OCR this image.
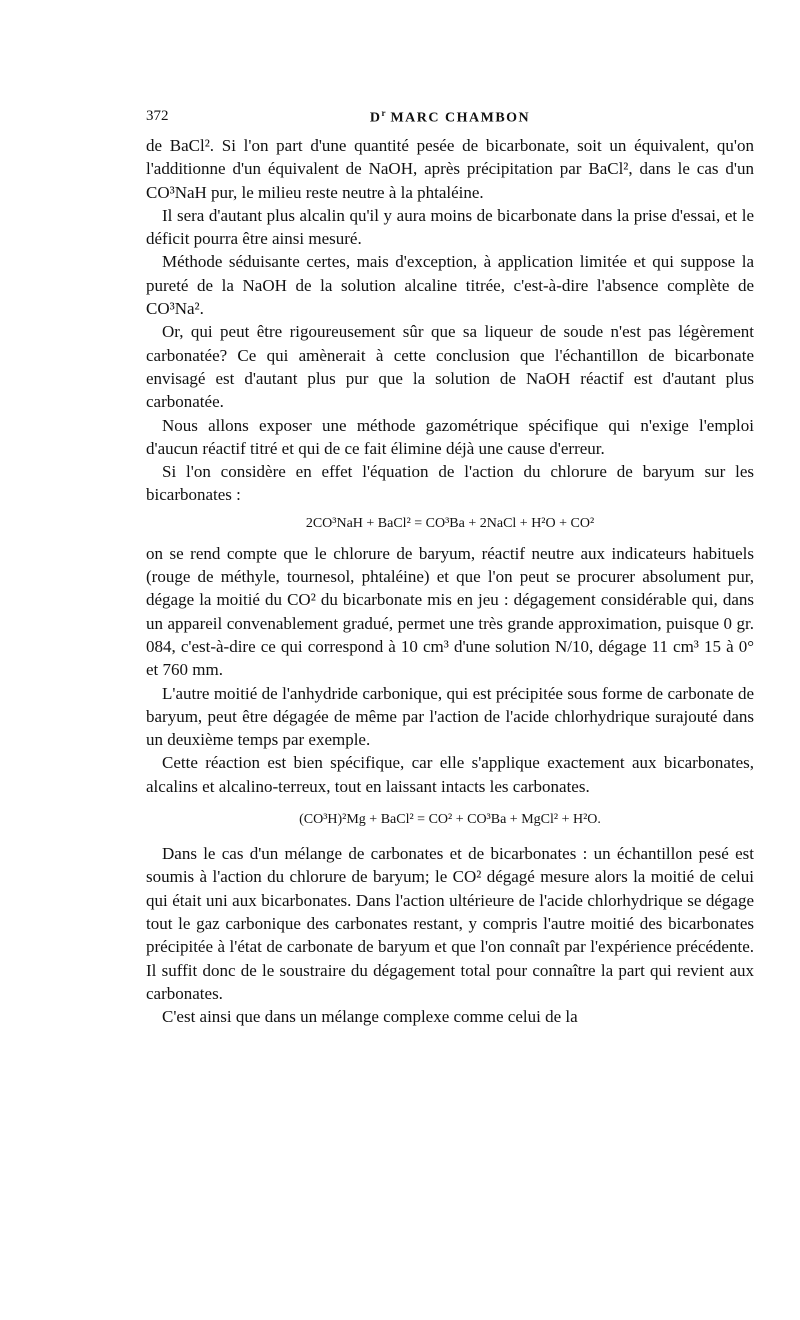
372	$D^r$ MARC CHAMBON

de BaCl². Si l'on part d'une quantité pesée de bicarbonate, soit un équivalent, qu'on l'additionne d'un équivalent de NaOH, après précipitation par BaCl², dans le cas d'un CO³NaH pur, le milieu reste neutre à la phtaléine.

Il sera d'autant plus alcalin qu'il y aura moins de bicarbonate dans la prise d'essai, et le déficit pourra être ainsi mesuré.

Méthode séduisante certes, mais d'exception, à application limitée et qui suppose la pureté de la NaOH de la solution alcaline titrée, c'est-à-dire l'absence complète de CO³Na².

Or, qui peut être rigoureusement sûr que sa liqueur de soude n'est pas légèrement carbonatée? Ce qui amènerait à cette conclusion que l'échantillon de bicarbonate envisagé est d'autant plus pur que la solution de NaOH réactif est d'autant plus carbonatée.

Nous allons exposer une méthode gazométrique spécifique qui n'exige l'emploi d'aucun réactif titré et qui de ce fait élimine déjà une cause d'erreur.

Si l'on considère en effet l'équation de l'action du chlorure de baryum sur les bicarbonates :

2CO³NaH + BaCl² = CO³Ba + 2NaCl + H²O + CO²

on se rend compte que le chlorure de baryum, réactif neutre aux indicateurs habituels (rouge de méthyle, tournesol, phtaléine) et que l'on peut se procurer absolument pur, dégage la moitié du CO² du bicarbonate mis en jeu : dégagement considérable qui, dans un appareil convenablement gradué, permet une très grande approximation, puisque 0 gr. 084, c'est-à-dire ce qui correspond à 10 cm³ d'une solution N/10, dégage 11 cm³ 15 à 0° et 760 mm.

L'autre moitié de l'anhydride carbonique, qui est précipitée sous forme de carbonate de baryum, peut être dégagée de même par l'action de l'acide chlorhydrique surajouté dans un deuxième temps par exemple.

Cette réaction est bien spécifique, car elle s'applique exactement aux bicarbonates, alcalins et alcalino-terreux, tout en laissant intacts les carbonates.

(CO³H)²Mg + BaCl² = CO² + CO³Ba + MgCl² + H²O.

Dans le cas d'un mélange de carbonates et de bicarbonates : un échantillon pesé est soumis à l'action du chlorure de baryum; le CO² dégagé mesure alors la moitié de celui qui était uni aux bicarbonates. Dans l'action ultérieure de l'acide chlorhydrique se dégage tout le gaz carbonique des carbonates restant, y compris l'autre moitié des bicarbonates précipitée à l'état de carbonate de baryum et que l'on connaît par l'expérience précédente. Il suffit donc de le soustraire du dégagement total pour connaître la part qui revient aux carbonates.

C'est ainsi que dans un mélange complexe comme celui de la
